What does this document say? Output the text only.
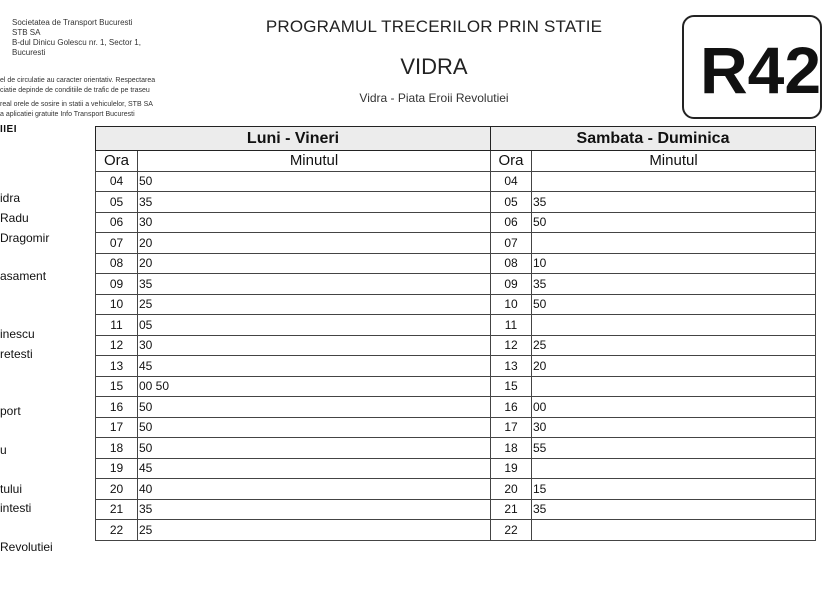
Societatea de Transport Bucuresti
STB SA
B-dul Dinicu Golescu nr. 1, Sector 1,
Bucuresti
el de circulatie au caracter orientativ. Respectarea
ciatie depinde de conditiile de trafic de pe traseu
real orele de sosire in statii a vehiculelor, STB SA
a aplicatiei gratuite Info Transport Bucuresti
PROGRAMUL TRECERILOR PRIN STATIE
VIDRA
Vidra - Piata Eroii Revolutiei	R42
IIEI
idra
Radu
Dragomir
asament
inescu
retesti
port
u
tului
intesti
Revolutiei
Luni - Vineri		Sambata - Duminica	
Ora	Minutul	Ora	Minutul
04	50	04	
05	35	05	35
06	30	06	50
07	20	07	
08	20	08	10
09	35	09	35
10	25	10	50
11	05	11	
12	30	12	25
13	45	13	20
15	00 50	15	
16	50	16	00
17	50	17	30
18	50	18	55
19	45	19	
20	40	20	15
21	35	21	35
22	25	22	
